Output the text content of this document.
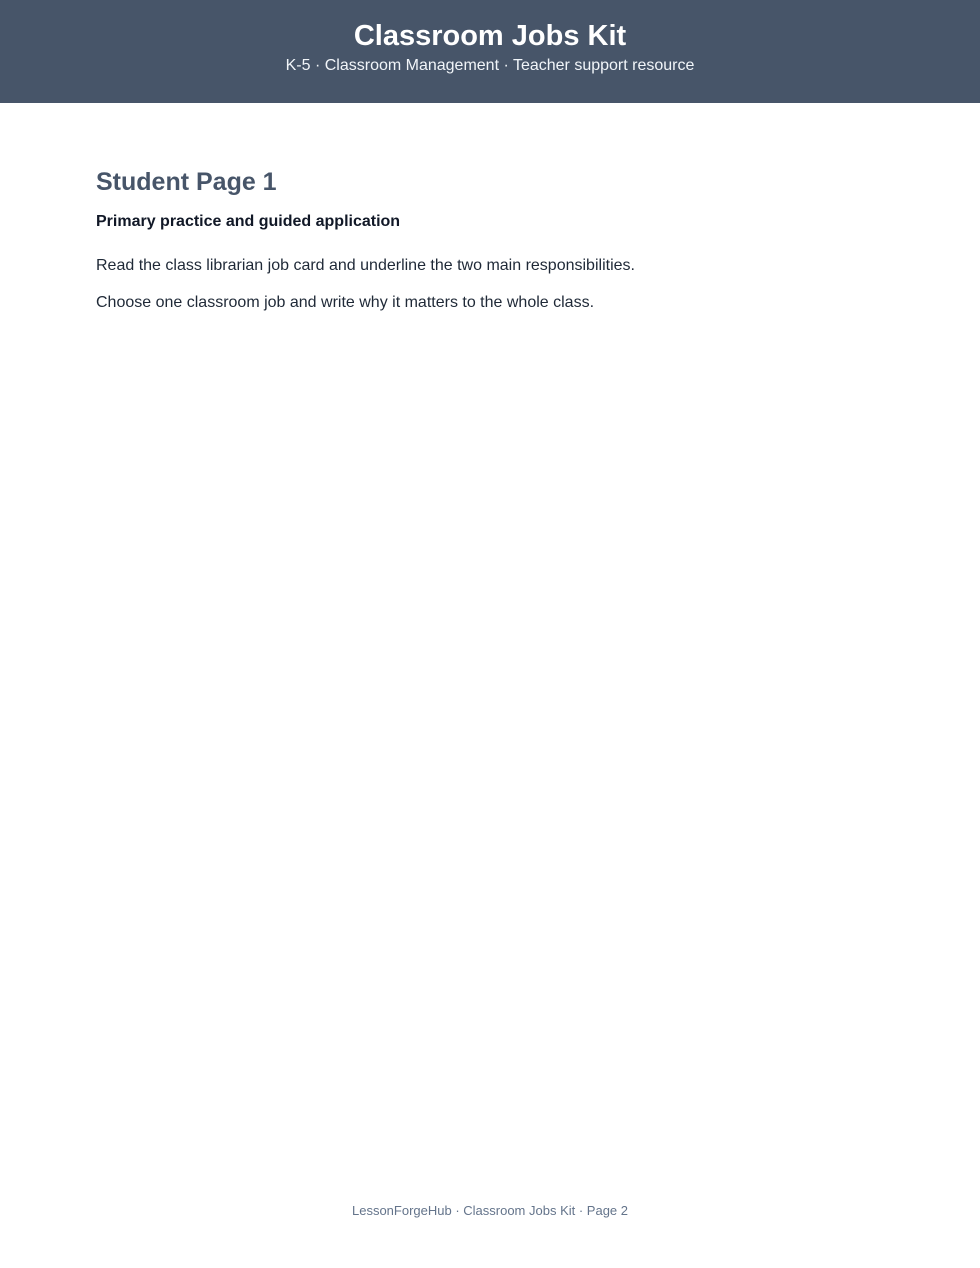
Classroom Jobs Kit
K-5 · Classroom Management · Teacher support resource
Student Page 1

Primary practice and guided application

Read the class librarian job card and underline the two main responsibilities.

Choose one classroom job and write why it matters to the whole class.

LessonForgeHub · Classroom Jobs Kit · Page 2
